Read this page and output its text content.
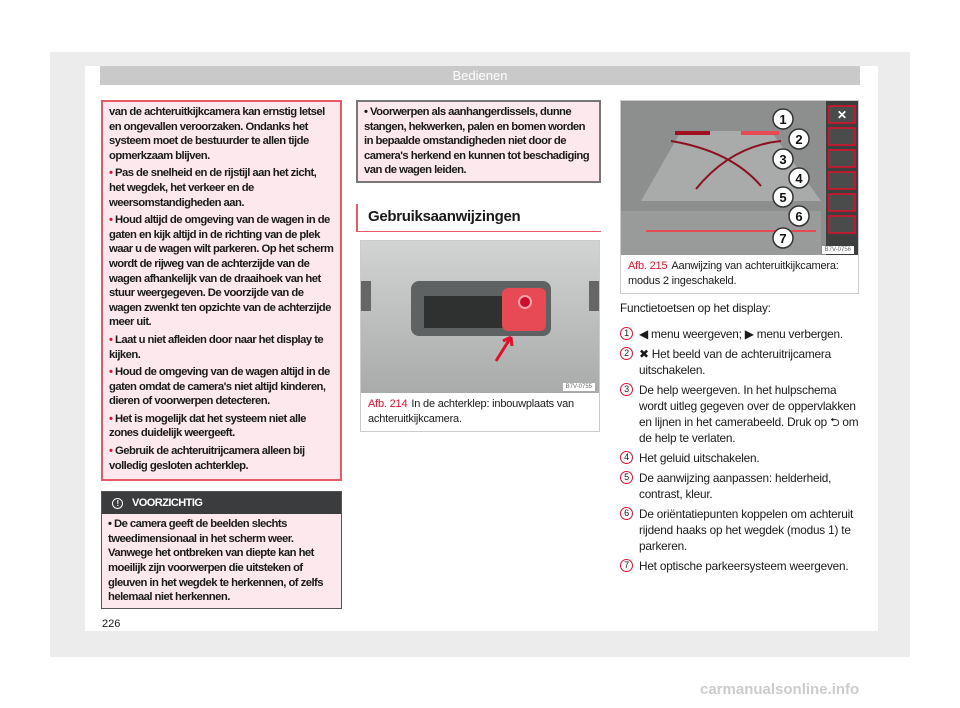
Bedienen

van de achteruitkijkcamera kan ernstig letsel en ongevallen veroorzaken. Ondanks het systeem moet de bestuurder te allen tijde opmerkzaam blijven.

• Pas de snelheid en de rijstijl aan het zicht, het wegdek, het verkeer en de weersomstandigheden aan.

• Houd altijd de omgeving van de wagen in de gaten en kijk altijd in de richting van de plek waar u de wagen wilt parkeren. Op het scherm wordt de rijweg van de achterzijde van de wagen afhankelijk van de draaihoek van het stuur weergegeven. De voorzijde van de wagen zwenkt ten opzichte van de achterzijde meer uit.

• Laat u niet afleiden door naar het display te kijken.

• Houd de omgeving van de wagen altijd in de gaten omdat de camera's niet altijd kinderen, dieren of voorwerpen detecteren.

• Het is mogelijk dat het systeem niet alle zones duidelijk weergeeft.

• Gebruik de achteruitrijcamera alleen bij volledig gesloten achterklep.

! VOORZICHTIG
• De camera geeft de beelden slechts tweedimensionaal in het scherm weer. Vanwege het ontbreken van diepte kan het moeilijk zijn voorwerpen die uitsteken of gleuven in het wegdek te herkennen, of zelfs helemaal niet herkennen.
• Voorwerpen als aanhangerdissels, dunne stangen, hekwerken, palen en bomen worden in bepaalde omstandigheden niet door de camera's herkend en kunnen tot beschadiging van de wagen leiden.
Gebruiksaanwijzingen
B7V-0755
Afb. 214 In de achterklep: inbouwplaats van achteruitkijkcamera.
✕
1
2
3
4
5
6
7
B7V-0756
Afb. 215 Aanwijzing van achteruitkijkcamera: modus 2 ingeschakeld.
Functietoetsen op het display:
1 ◀ menu weergeven; ▶ menu verbergen.
2 ✖ Het beeld van de achteruitrijcamera uitschakelen.
3 De help weergeven. In het hulpschema wordt uitleg gegeven over de oppervlakken en lijnen in het camerabeeld. Druk op ⮌ om de help te verlaten.
4 Het geluid uitschakelen.
5 De aanwijzing aanpassen: helderheid, contrast, kleur.
6 De oriëntatiepunten koppelen om achteruit rijdend haaks op het wegdek (modus 1) te parkeren.
7 Het optische parkeersysteem weergeven.
226
carmanualsonline.info
